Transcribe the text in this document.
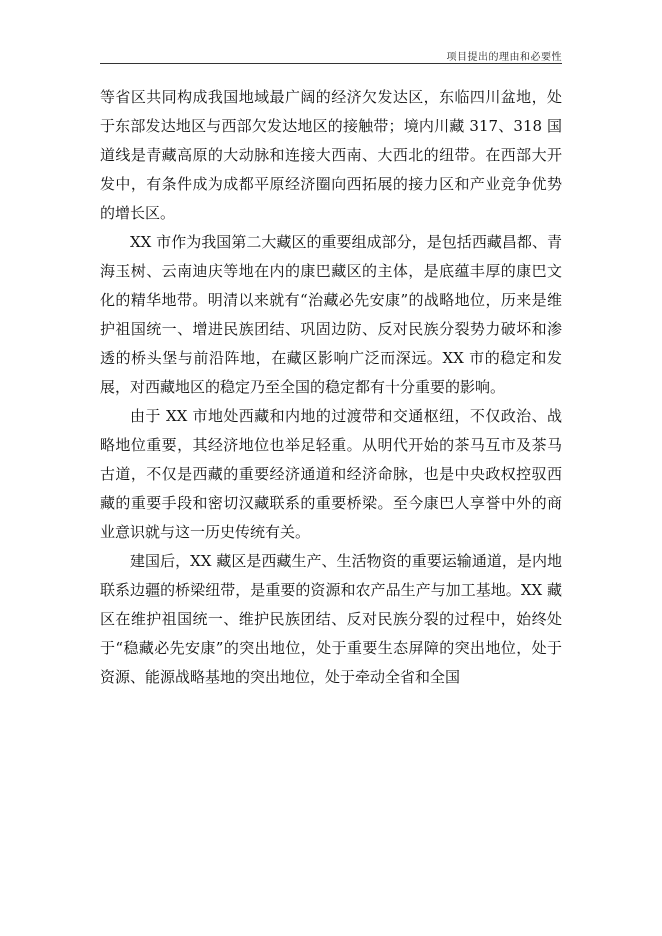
项目提出的理由和必要性

等省区共同构成我国地域最广阔的经济欠发达区，东临四川盆地，处于东部发达地区与西部欠发达地区的接触带；境内川藏 317、318 国道线是青藏高原的大动脉和连接大西南、大西北的纽带。在西部大开发中，有条件成为成都平原经济圈向西拓展的接力区和产业竞争优势的增长区。

XX 市作为我国第二大藏区的重要组成部分，是包括西藏昌都、青海玉树、云南迪庆等地在内的康巴藏区的主体，是底蕴丰厚的康巴文化的精华地带。明清以来就有“治藏必先安康”的战略地位，历来是维护祖国统一、增进民族团结、巩固边防、反对民族分裂势力破坏和渗透的桥头堡与前沿阵地，在藏区影响广泛而深远。XX 市的稳定和发展，对西藏地区的稳定乃至全国的稳定都有十分重要的影响。

由于 XX 市地处西藏和内地的过渡带和交通枢纽，不仅政治、战略地位重要，其经济地位也举足轻重。从明代开始的茶马互市及茶马古道，不仅是西藏的重要经济通道和经济命脉，也是中央政权控驭西藏的重要手段和密切汉藏联系的重要桥梁。至今康巴人享誉中外的商业意识就与这一历史传统有关。

建国后，XX 藏区是西藏生产、生活物资的重要运输通道，是内地联系边疆的桥梁纽带，是重要的资源和农产品生产与加工基地。XX 藏区在维护祖国统一、维护民族团结、反对民族分裂的过程中，始终处于“稳藏必先安康”的突出地位，处于重要生态屏障的突出地位，处于资源、能源战略基地的突出地位，处于牵动全省和全国
